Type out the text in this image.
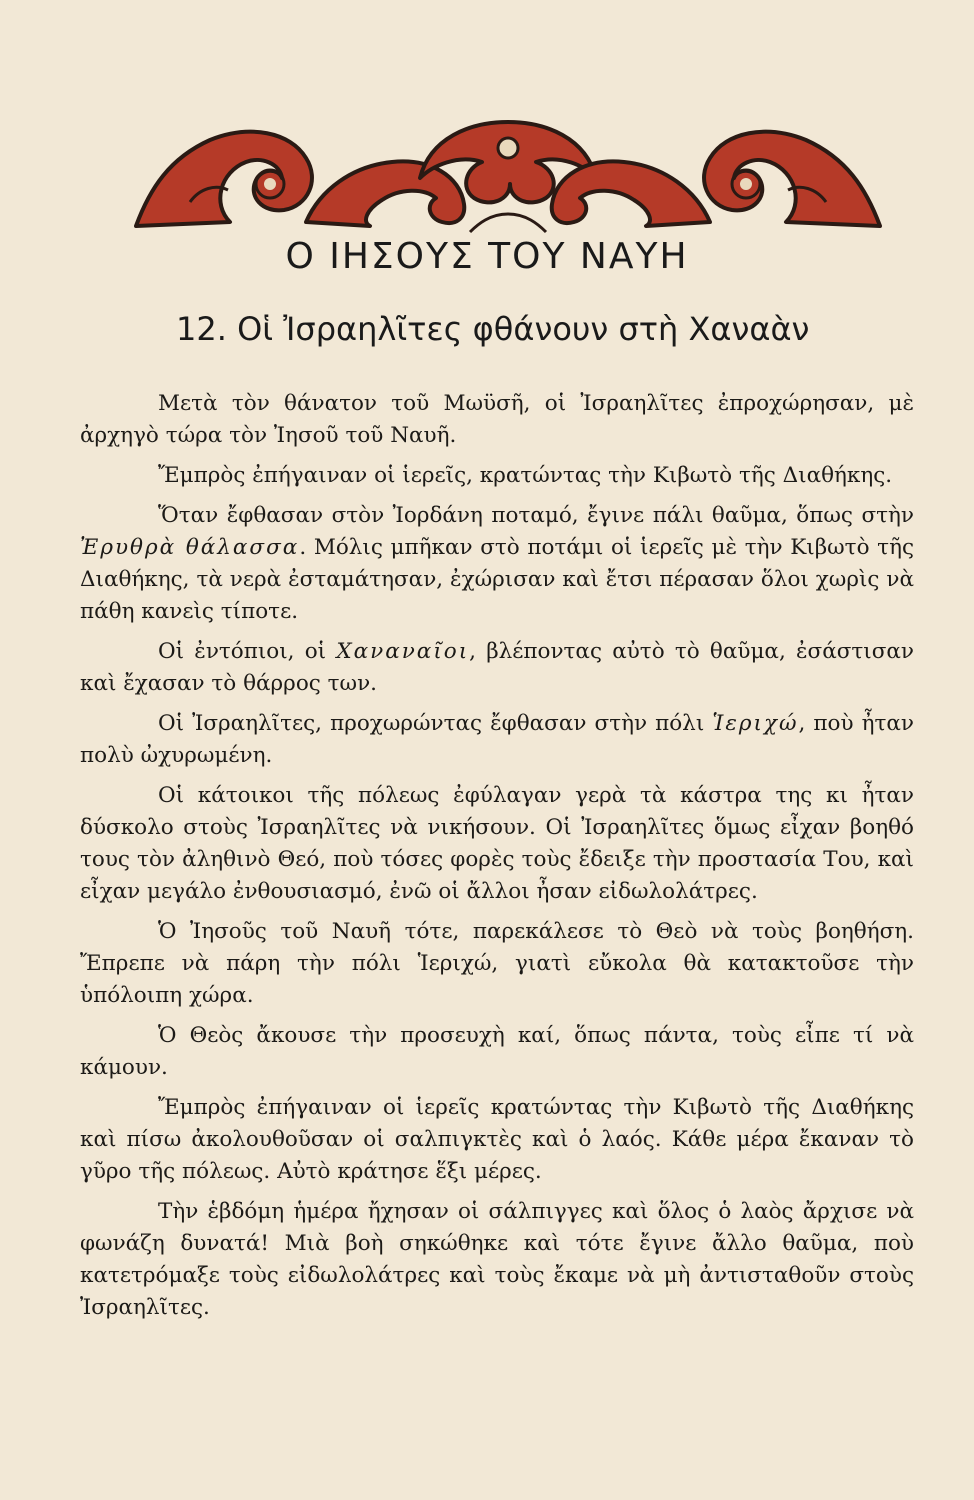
Ο ΙΗΣΟΥΣ ΤΟΥ ΝΑΥΗ
12. Οἱ Ἰσραηλῖτες φθάνουν στὴ Χαναὰν

Μετὰ τὸν θάνατον τοῦ Μωϋσῆ, οἱ Ἰσραηλῖτες ἐπροχώρησαν, μὲ ἀρχηγὸ τώρα τὸν Ἰησοῦ τοῦ Ναυῆ.

Ἔμπρὸς ἐπήγαιναν οἱ ἱερεῖς, κρατώντας τὴν Κιβωτὸ τῆς Διαθήκης.

Ὅταν ἔφθασαν στὸν Ἰορδάνη ποταμό, ἔγινε πάλι θαῦμα, ὅπως στὴν Ἐρυθρὰ θάλασσα. Μόλις μπῆκαν στὸ ποτάμι οἱ ἱερεῖς μὲ τὴν Κιβωτὸ τῆς Διαθήκης, τὰ νερὰ ἐσταμάτησαν, ἐχώρισαν καὶ ἔτσι πέρασαν ὅλοι χωρὶς νὰ πάθη κανεὶς τίποτε.

Οἱ ἐντόπιοι, οἱ Χαναναῖοι, βλέποντας αὐτὸ τὸ θαῦμα, ἐσάστισαν καὶ ἔχασαν τὸ θάρρος των.

Οἱ Ἰσραηλῖτες, προχωρώντας ἔφθασαν στὴν πόλι Ἱεριχώ, ποὺ ἦταν πολὺ ὠχυρωμένη.

Οἱ κάτοικοι τῆς πόλεως ἐφύλαγαν γερὰ τὰ κάστρα της κι ἦταν δύσκολο στοὺς Ἰσραηλῖτες νὰ νικήσουν. Οἱ Ἰσραηλῖτες ὅμως εἶχαν βοηθό τους τὸν ἀληθινὸ Θεό, ποὺ τόσες φορὲς τοὺς ἔδειξε τὴν προστασία Του, καὶ εἶχαν μεγάλο ἐνθουσιασμό, ἐνῶ οἱ ἄλλοι ἦσαν εἰδωλολάτρες.

Ὁ Ἰησοῦς τοῦ Ναυῆ τότε, παρεκάλεσε τὸ Θεὸ νὰ τοὺς βοηθήση. Ἔπρεπε νὰ πάρη τὴν πόλι Ἱεριχώ, γιατὶ εὔκολα θὰ κατακτοῦσε τὴν ὑπόλοιπη χώρα.

Ὁ Θεὸς ἄκουσε τὴν προσευχὴ καί, ὅπως πάντα, τοὺς εἶπε τί νὰ κάμουν.

Ἔμπρὸς ἐπήγαιναν οἱ ἱερεῖς κρατώντας τὴν Κιβωτὸ τῆς Διαθήκης καὶ πίσω ἀκολουθοῦσαν οἱ σαλπιγκτὲς καὶ ὁ λαός. Κάθε μέρα ἔκαναν τὸ γῦρο τῆς πόλεως. Αὐτὸ κράτησε ἕξι μέρες.

Τὴν ἑβδόμη ἡμέρα ἤχησαν οἱ σάλπιγγες καὶ ὅλος ὁ λαὸς ἄρχισε νὰ φωνάζη δυνατά! Μιὰ βοὴ σηκώθηκε καὶ τότε ἔγινε ἄλλο θαῦμα, ποὺ κατετρόμαξε τοὺς εἰδωλολάτρες καὶ τοὺς ἔκαμε νὰ μὴ ἀντισταθοῦν στοὺς Ἰσραηλῖτες.
